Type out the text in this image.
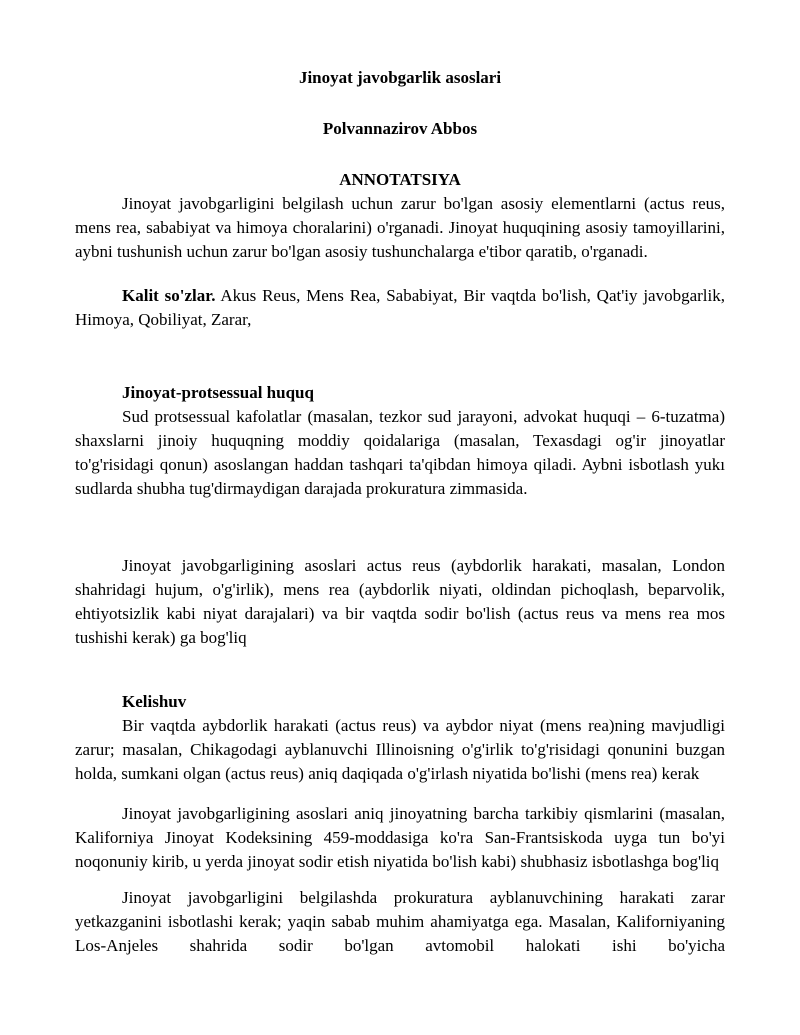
Jinoyat javobgarlik asoslari

Polvannazirov Abbos

ANNOTATSIYA

Jinoyat javobgarligini belgilash uchun zarur bo'lgan asosiy elementlarni (actus reus, mens rea, sababiyat va himoya choralarini) o'rganadi. Jinoyat huquqining asosiy tamoyillarini, aybni tushunish uchun zarur bo'lgan asosiy tushunchalarga e'tibor qaratib, o'rganadi.

Kalit so'zlar. Akus Reus, Mens Rea, Sababiyat, Bir vaqtda bo'lish, Qat'iy javobgarlik, Himoya, Qobiliyat, Zarar,

Jinoyat-protsessual huquq

Sud protsessual kafolatlar (masalan, tezkor sud jarayoni, advokat huquqi – 6-tuzatma) shaxslarni jinoiy huquqning moddiy qoidalariga (masalan, Texasdagi og'ir jinoyatlar to'g'risidagi qonun) asoslangan haddan tashqari ta'qibdan himoya qiladi. Aybni isbotlash yukı sudlarda shubha tug'dirmaydigan darajada prokuratura zimmasida.

Jinoyat javobgarligining asoslari actus reus (aybdorlik harakati, masalan, London shahridagi hujum, o'g'irlik), mens rea (aybdorlik niyati, oldindan pichoqlash, beparvolik, ehtiyotsizlik kabi niyat darajalari) va bir vaqtda sodir bo'lish (actus reus va mens rea mos tushishi kerak) ga bog'liq

Kelishuv

Bir vaqtda aybdorlik harakati (actus reus) va aybdor niyat (mens rea)ning mavjudligi zarur; masalan, Chikagodagi ayblanuvchi Illinoisning o'g'irlik to'g'risidagi qonunini buzgan holda, sumkani olgan (actus reus) aniq daqiqada o'g'irlash niyatida bo'lishi (mens rea) kerak

Jinoyat javobgarligining asoslari aniq jinoyatning barcha tarkibiy qismlarini (masalan, Kaliforniya Jinoyat Kodeksining 459-moddasiga ko'ra San-Frantsiskoda uyga tun bo'yi noqonuniy kirib, u yerda jinoyat sodir etish niyatida bo'lish kabi) shubhasiz isbotlashga bog'liq

Jinoyat javobgarligini belgilashda prokuratura ayblanuvchining harakati zarar yetkazganini isbotlashi kerak; yaqin sabab muhim ahamiyatga ega. Masalan, Kaliforniyaning Los-Anjeles shahrida sodir bo'lgan avtomobil halokati ishi bo'yicha
